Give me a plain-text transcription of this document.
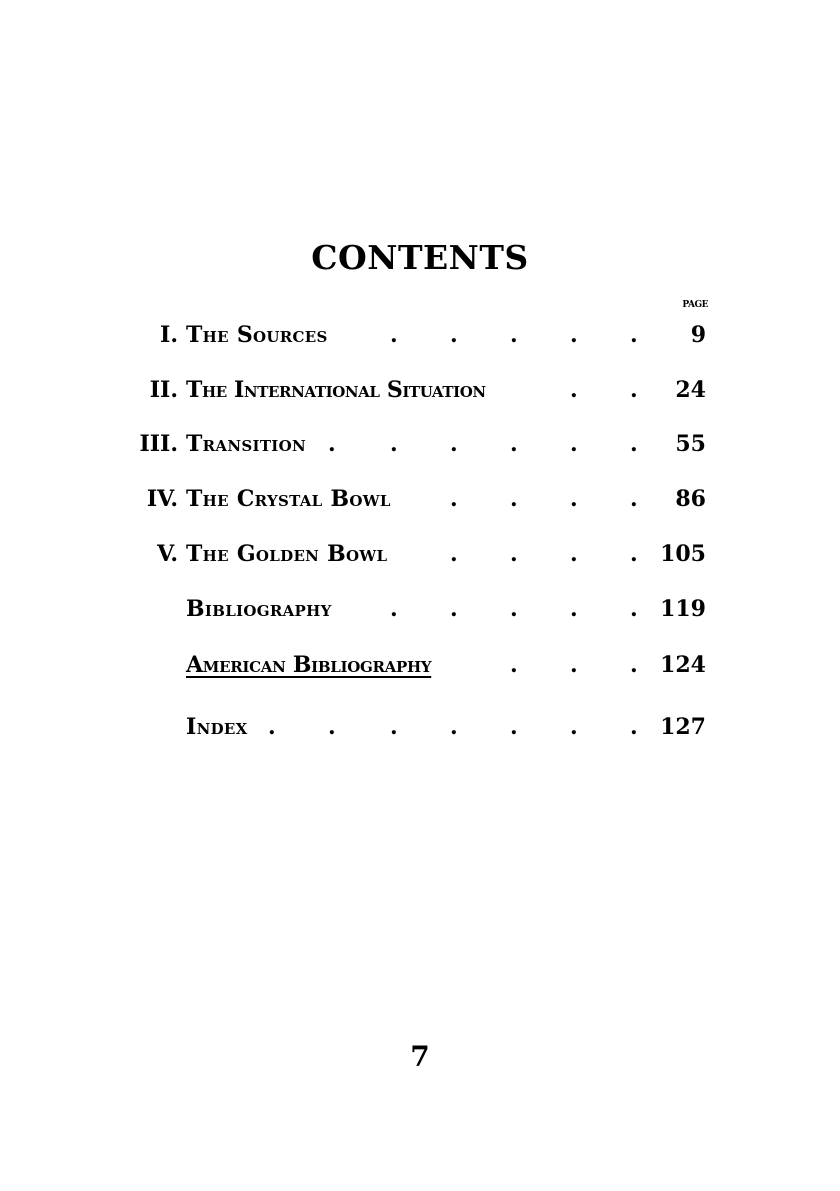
CONTENTS
PAGE
I. The Sources	. . . . . 9
II. The International Situation	. . 24
III. Transition . . . . . . 55
IV. The Crystal Bowl	. . . . 86
V. The Golden Bowl	. . . . 105
Bibliography	. . . . . 119
American Bibliography	. . . 124
Index . . . . . . . 127
7
